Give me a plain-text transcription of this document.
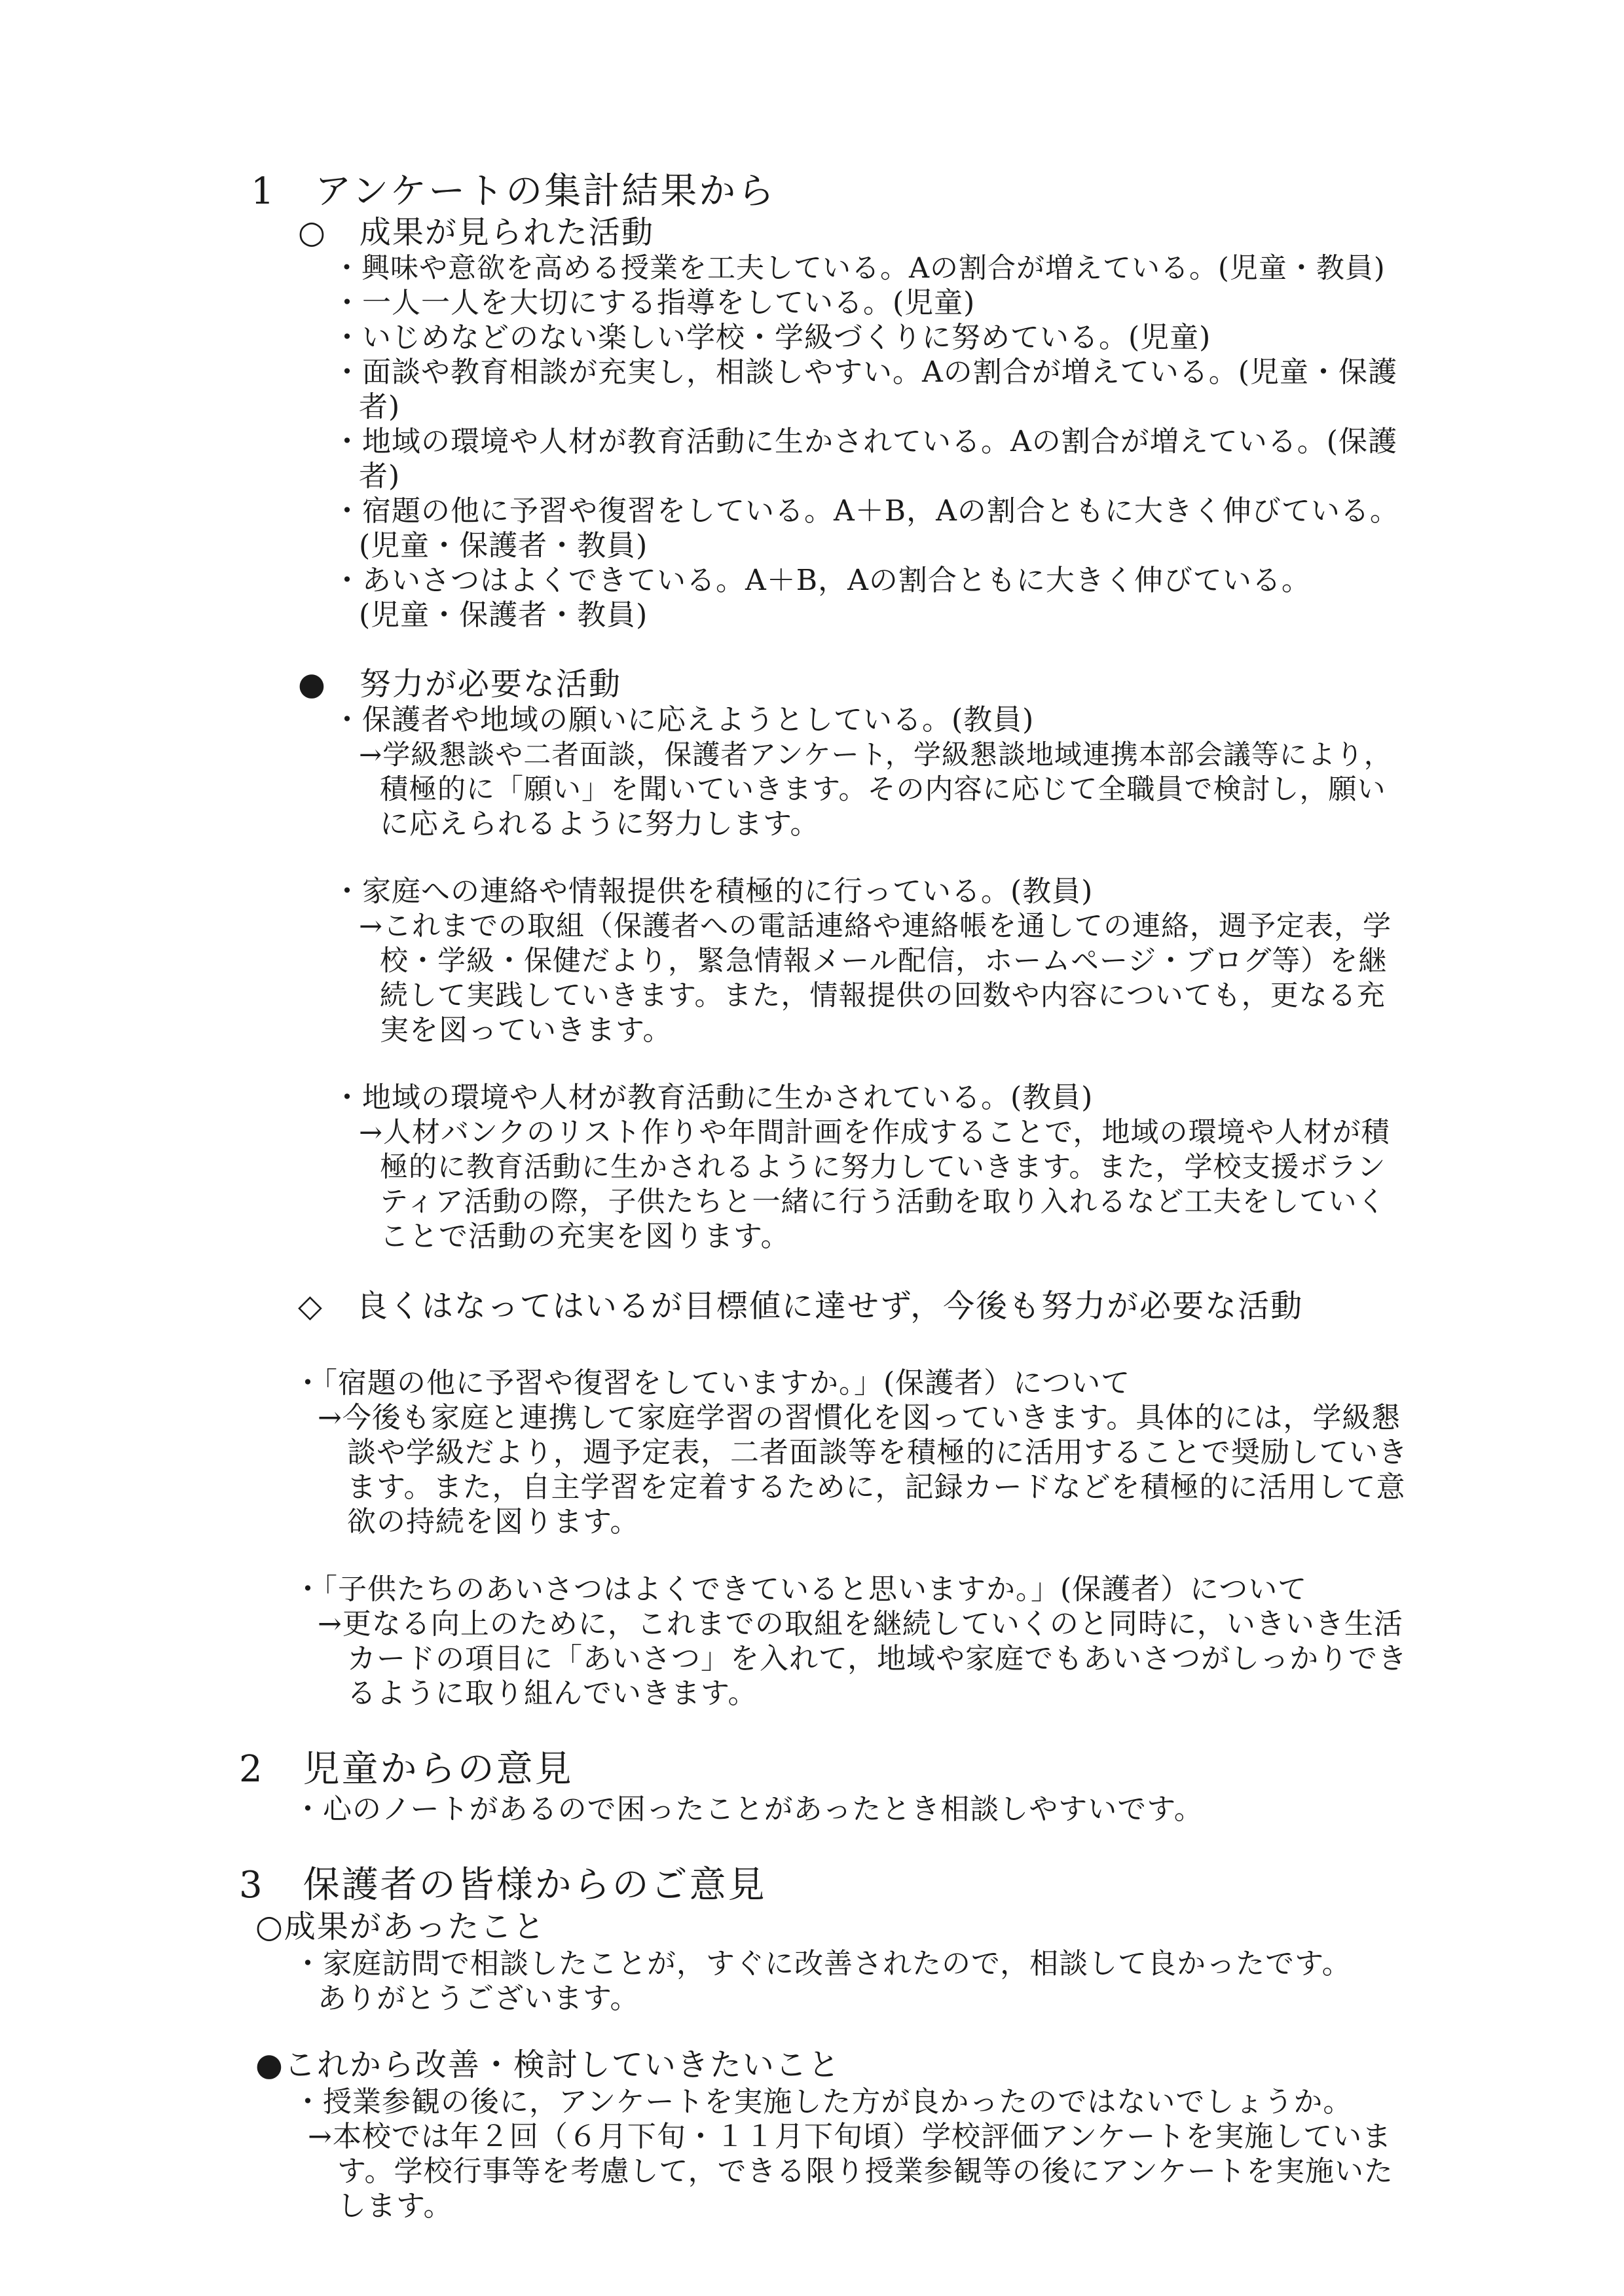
1　アンケートの集計結果から
○　成果が見られた活動
・興味や意欲を高める授業を工夫している。Aの割合が増えている。(児童・教員)
・一人一人を大切にする指導をしている。(児童)
・いじめなどのない楽しい学校・学級づくりに努めている。(児童)
・面談や教育相談が充実し，相談しやすい。Aの割合が増えている。(児童・保護
者)
・地域の環境や人材が教育活動に生かされている。Aの割合が増えている。(保護
者)
・宿題の他に予習や復習をしている。A＋B，Aの割合ともに大きく伸びている。
(児童・保護者・教員)
・あいさつはよくできている。A＋B，Aの割合ともに大きく伸びている。
(児童・保護者・教員)
●　努力が必要な活動
・保護者や地域の願いに応えようとしている。(教員)
→学級懇談や二者面談，保護者アンケート，学級懇談地域連携本部会議等により，
積極的に「願い」を聞いていきます。その内容に応じて全職員で検討し，願い
に応えられるように努力します。
・家庭への連絡や情報提供を積極的に行っている。(教員)
→これまでの取組（保護者への電話連絡や連絡帳を通しての連絡，週予定表，学
校・学級・保健だより，緊急情報メール配信，ホームページ・ブログ等）を継
続して実践していきます。また，情報提供の回数や内容についても，更なる充
実を図っていきます。
・地域の環境や人材が教育活動に生かされている。(教員)
→人材バンクのリスト作りや年間計画を作成することで，地域の環境や人材が積
極的に教育活動に生かされるように努力していきます。また，学校支援ボラン
ティア活動の際，子供たちと一緒に行う活動を取り入れるなど工夫をしていく
ことで活動の充実を図ります。
◇　良くはなってはいるが目標値に達せず，今後も努力が必要な活動
・「宿題の他に予習や復習をしていますか。」(保護者）について
→今後も家庭と連携して家庭学習の習慣化を図っていきます。具体的には，学級懇
談や学級だより，週予定表，二者面談等を積極的に活用することで奨励していき
ます。また，自主学習を定着するために，記録カードなどを積極的に活用して意
欲の持続を図ります。
・「子供たちのあいさつはよくできていると思いますか。」(保護者）について
→更なる向上のために，これまでの取組を継続していくのと同時に，いきいき生活
カードの項目に「あいさつ」を入れて，地域や家庭でもあいさつがしっかりでき
るように取り組んでいきます。
2　児童からの意見
・心のノートがあるので困ったことがあったとき相談しやすいです。
3　保護者の皆様からのご意見
○成果があったこと
・家庭訪問で相談したことが，すぐに改善されたので，相談して良かったです。
ありがとうございます。
●これから改善・検討していきたいこと
・授業参観の後に，アンケートを実施した方が良かったのではないでしょうか。
→本校では年２回（６月下旬・１１月下旬頃）学校評価アンケートを実施していま
す。学校行事等を考慮して，できる限り授業参観等の後にアンケートを実施いた
します。
